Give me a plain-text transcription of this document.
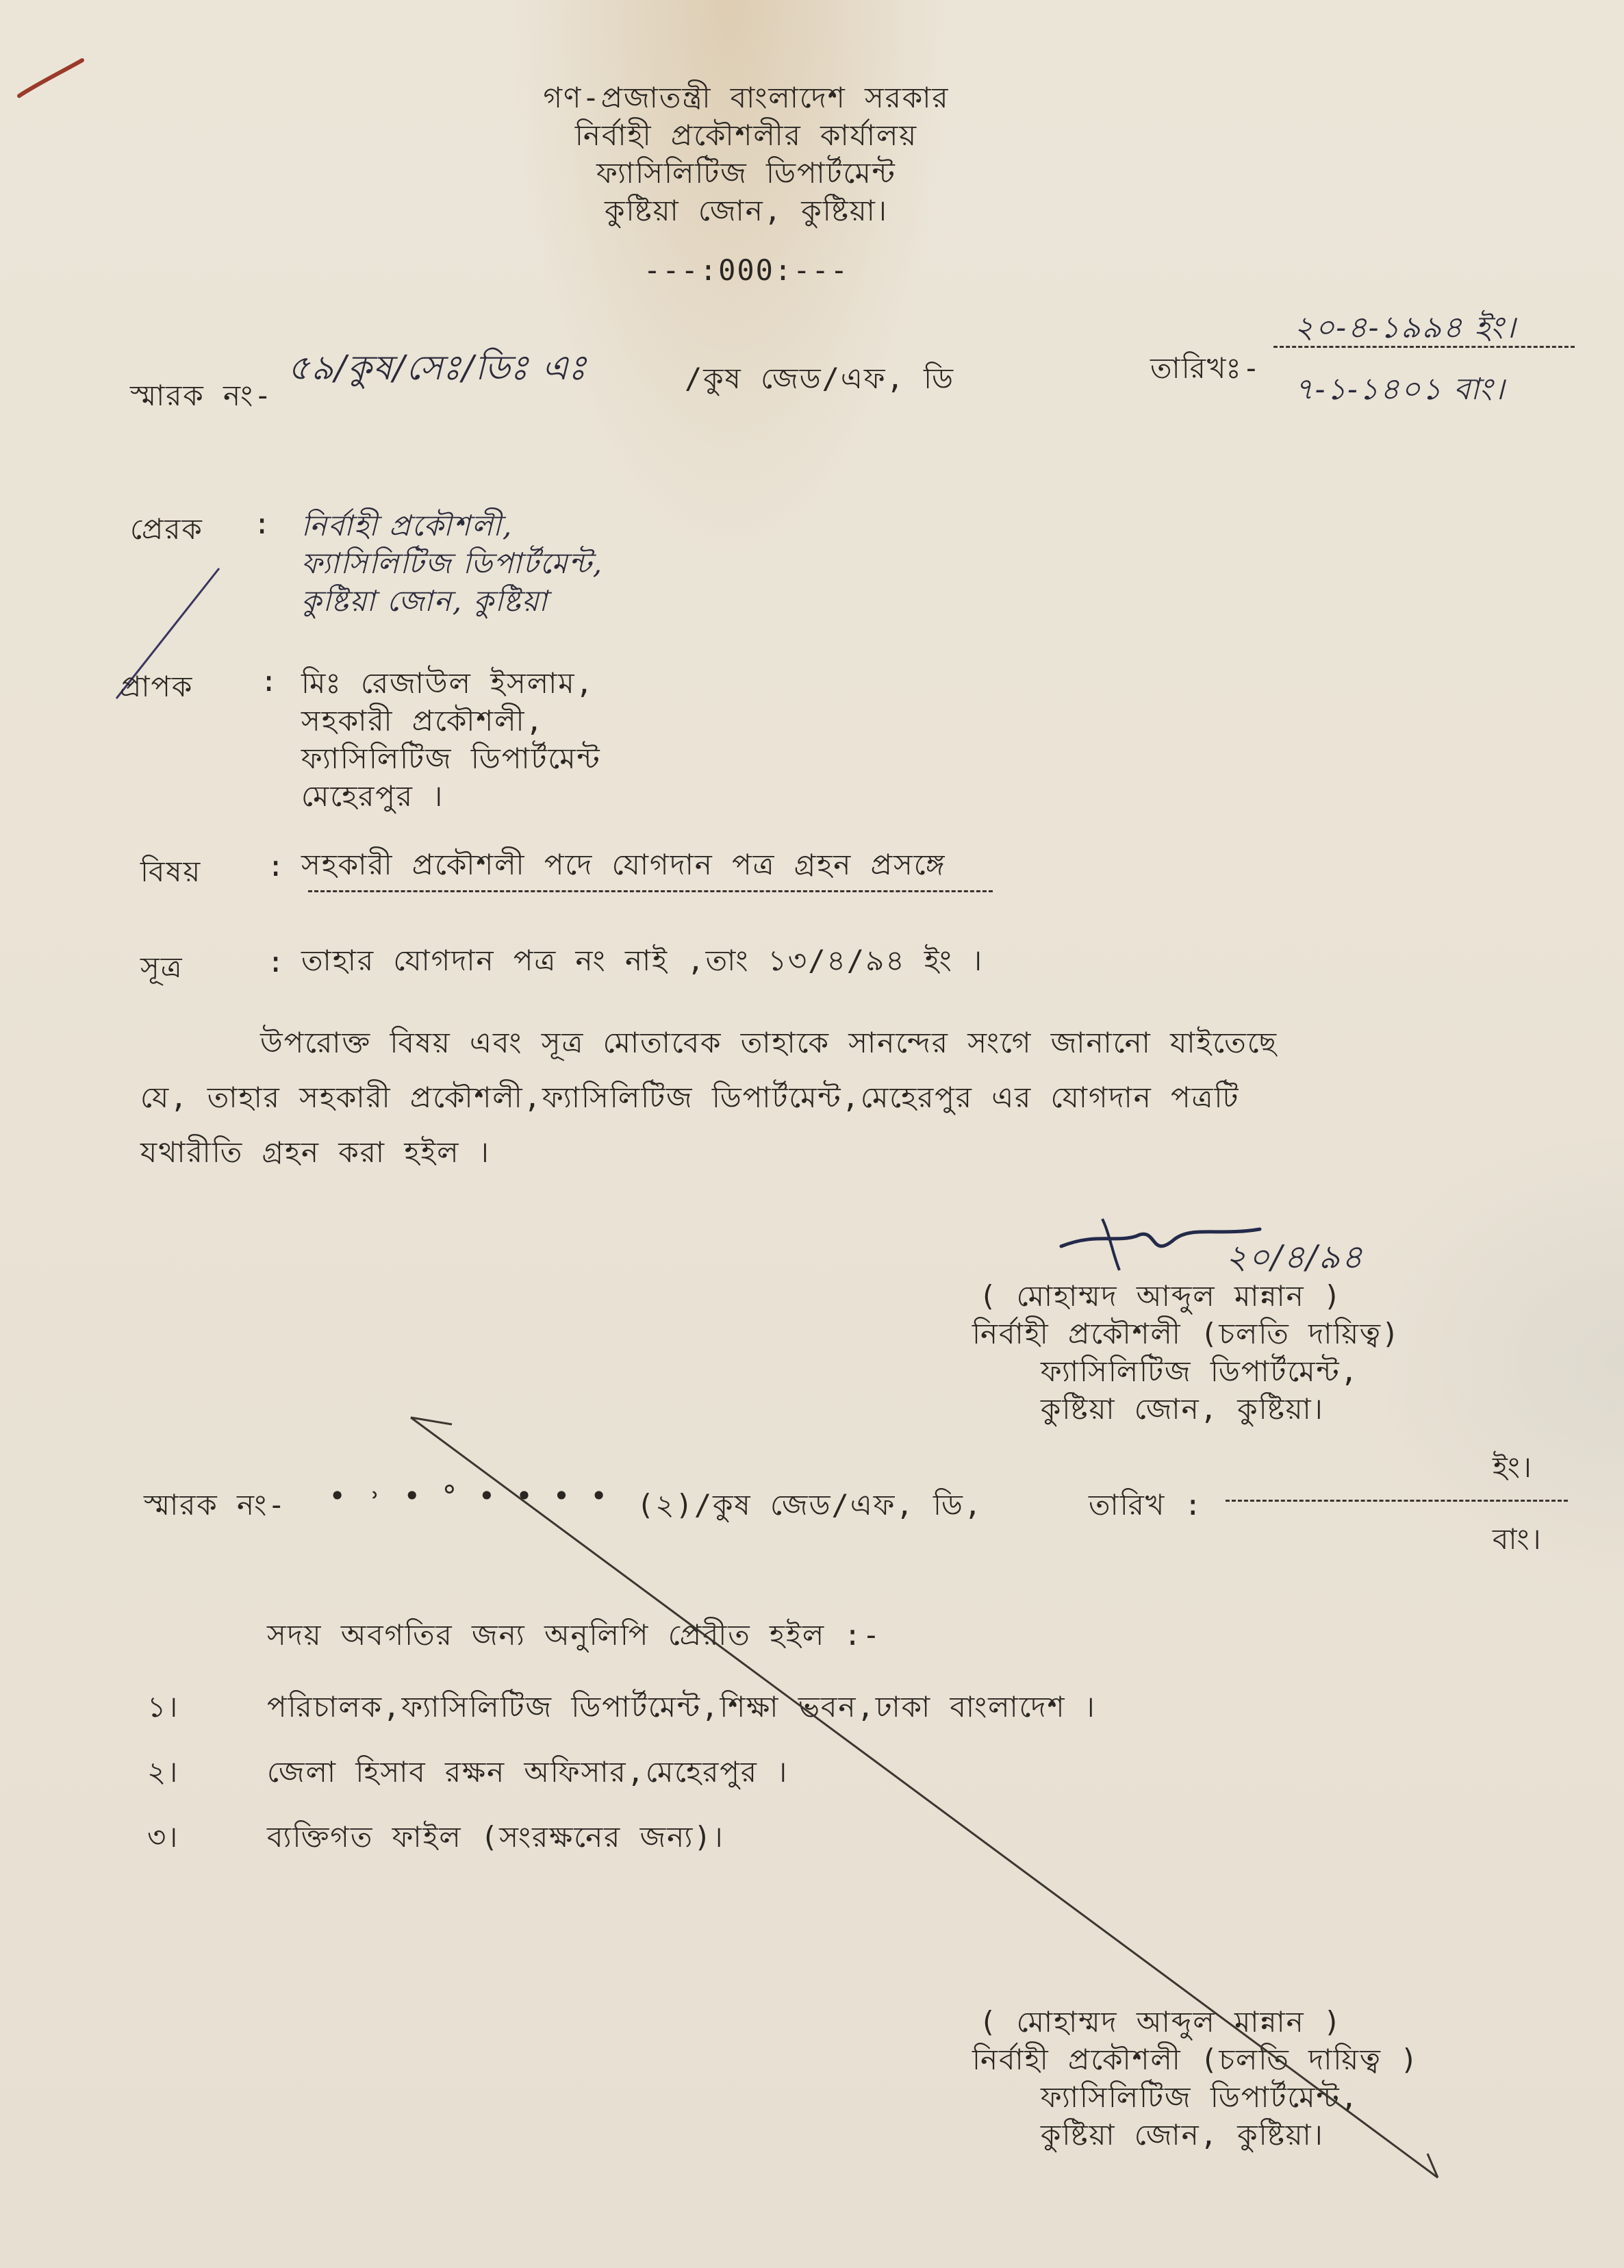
গণ-প্রজাতন্ত্রী বাংলাদেশ সরকার
নির্বাহী প্রকৌশলীর কার্যালয়
ফ্যাসিলিটিজ ডিপার্টমেন্ট
কুষ্টিয়া জোন, কুষ্টিয়া।
---:000:---
স্মারক নং-
৫৯/কুষ/সেঃ/ডিঃ এঃ	/কুষ জেড/এফ, ডি	তারিখঃ-
২০-৪-১৯৯৪ ইং।
৭-১-১৪০১ বাং।
প্রেরক : নির্বাহী প্রকৌশলী,
ফ্যাসিলিটিজ ডিপার্টমেন্ট,
কুষ্টিয়া জোন, কুষ্টিয়া
প্রাপক : মিঃ রেজাউল ইসলাম,
সহকারী প্রকৌশলী,
ফ্যাসিলিটিজ ডিপার্টমেন্ট
মেহেরপুর ।
বিষয় : সহকারী প্রকৌশলী পদে যোগদান পত্র গ্রহন প্রসঙ্গে
সূত্র	: তাহার যোগদান পত্র নং নাই ,তাং ১৩/৪/৯৪ ইং ।
উপরোক্ত বিষয় এবং সূত্র মোতাবেক তাহাকে সানন্দের সংগে জানানো যাইতেছে
যে, তাহার সহকারী প্রকৌশলী,ফ্যাসিলিটিজ ডিপার্টমেন্ট,মেহেরপুর এর যোগদান পত্রটি
যথারীতি গ্রহন করা হইল ।
২০/৪/৯৪
( মোহাম্মদ আব্দুল মান্নান )
নির্বাহী প্রকৌশলী (চলতি দায়িত্ব)
ফ্যাসিলিটিজ ডিপার্টমেন্ট,
কুষ্টিয়া জোন, কুষ্টিয়া।
স্মারক নং- • ˒ • ° • • • • (২)/কুষ জেড/এফ, ডি,	তারিখ :
ইং।
বাং।
সদয় অবগতির জন্য অনুলিপি প্রেরীত হইল :-
১।	পরিচালক,ফ্যাসিলিটিজ ডিপার্টমেন্ট,শিক্ষা ভবন,ঢাকা বাংলাদেশ ।
২।	জেলা হিসাব রক্ষন অফিসার,মেহেরপুর ।
৩।	ব্যক্তিগত ফাইল (সংরক্ষনের জন্য)।
( মোহাম্মদ আব্দুল মান্নান )
নির্বাহী প্রকৌশলী (চলতি দায়িত্ব )
ফ্যাসিলিটিজ ডিপার্টমেন্ট,
কুষ্টিয়া জোন, কুষ্টিয়া।
